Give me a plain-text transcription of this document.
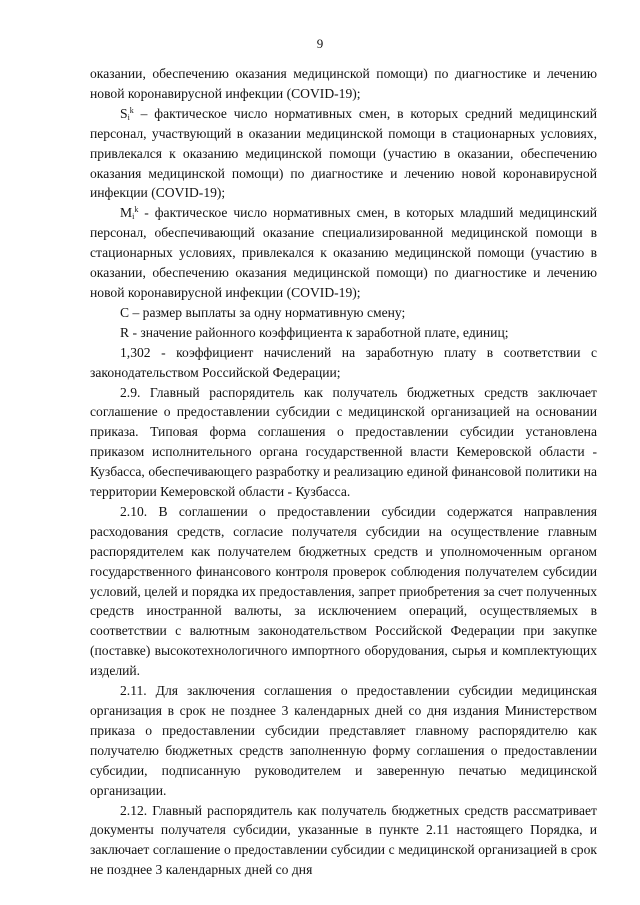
9

оказании, обеспечению оказания медицинской помощи) по диагностике и лечению новой коронавирусной инфекции (COVID-19);

$S_i^k$ – фактическое число нормативных смен, в которых средний медицинский персонал, участвующий в оказании медицинской помощи в стационарных условиях, привлекался к оказанию медицинской помощи (участию в оказании, обеспечению оказания медицинской помощи) по диагностике и лечению новой коронавирусной инфекции (COVID-19);

$M_i^k$ - фактическое число нормативных смен, в которых младший медицинский персонал, обеспечивающий оказание специализированной медицинской помощи в стационарных условиях, привлекался к оказанию медицинской помощи (участию в оказании, обеспечению оказания медицинской помощи) по диагностике и лечению новой коронавирусной инфекции (COVID-19);

C – размер выплаты за одну нормативную смену;

R - значение районного коэффициента к заработной плате, единиц;

1,302 - коэффициент начислений на заработную плату в соответствии с законодательством Российской Федерации;

2.9. Главный распорядитель как получатель бюджетных средств заключает соглашение о предоставлении субсидии с медицинской организацией на основании приказа. Типовая форма соглашения о предоставлении субсидии установлена приказом исполнительного органа государственной власти Кемеровской области - Кузбасса, обеспечивающего разработку и реализацию единой финансовой политики на территории Кемеровской области - Кузбасса.

2.10. В соглашении о предоставлении субсидии содержатся направления расходования средств, согласие получателя субсидии на осуществление главным распорядителем как получателем бюджетных средств и уполномоченным органом государственного финансового контроля проверок соблюдения получателем субсидии условий, целей и порядка их предоставления, запрет приобретения за счет полученных средств иностранной валюты, за исключением операций, осуществляемых в соответствии с валютным законодательством Российской Федерации при закупке (поставке) высокотехнологичного импортного оборудования, сырья и комплектующих изделий.

2.11. Для заключения соглашения о предоставлении субсидии медицинская организация в срок не позднее 3 календарных дней со дня издания Министерством приказа о предоставлении субсидии представляет главному распорядителю как получателю бюджетных средств заполненную форму соглашения о предоставлении субсидии, подписанную руководителем и заверенную печатью медицинской организации.

2.12. Главный распорядитель как получатель бюджетных средств рассматривает документы получателя субсидии, указанные в пункте 2.11 настоящего Порядка, и заключает соглашение о предоставлении субсидии с медицинской организацией в срок не позднее 3 календарных дней со дня
